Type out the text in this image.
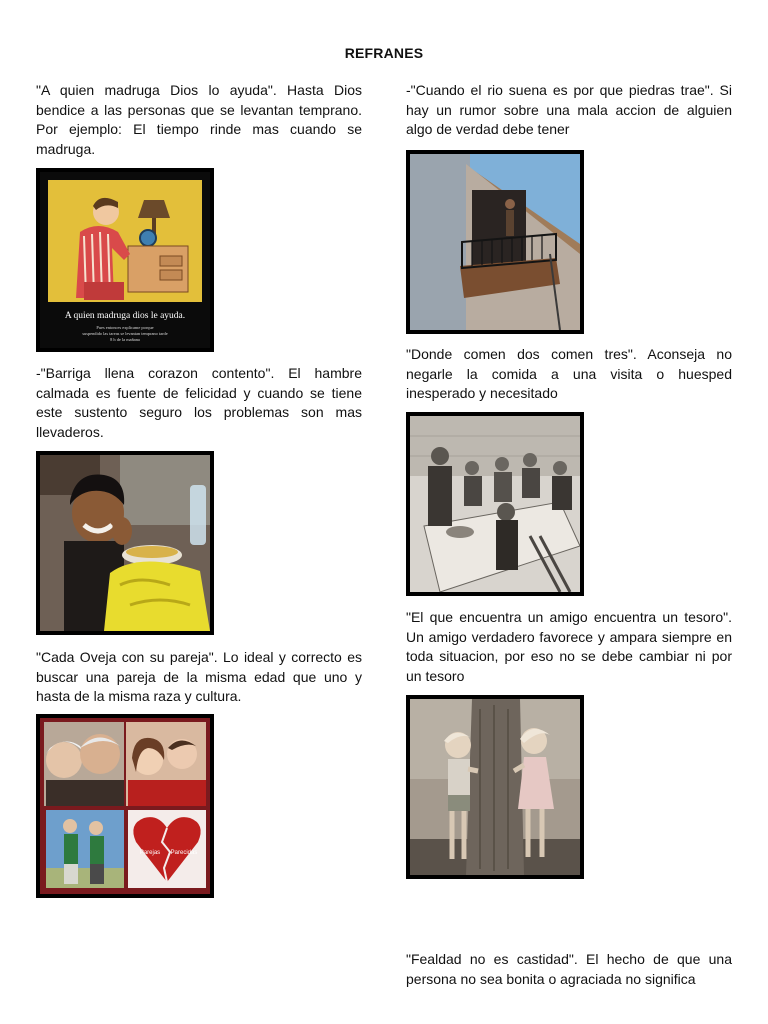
REFRANES

"A quien madruga Dios lo ayuda". Hasta Dios bendice a las personas que se levantan temprano. Por ejemplo: El tiempo rinde mas cuando se madruga.

A quien madruga dios le ayuda.
Pues entonces explicame porque
suspendido las tareas se levantan temprano tarde
8 h de la mañana

-"Barriga llena corazon contento". El hambre calmada es fuente de felicidad y cuando se tiene este sustento seguro los problemas son mas llevaderos.

"Cada Oveja con su pareja". Lo ideal y correcto es buscar una pareja de la misma edad que uno y hasta de la misma raza y cultura.

Parejas Parecidas

-"Cuando el rio suena es por que piedras trae". Si hay un rumor sobre una mala accion de alguien algo de verdad debe tener

"Donde comen dos comen tres". Aconseja no negarle la comida a una visita o huesped inesperado y necesitado

"El que encuentra un amigo encuentra un tesoro". Un amigo verdadero favorece y ampara siempre en toda situacion, por eso no se debe cambiar ni por un tesoro

"Fealdad no es castidad". El hecho de que una persona no sea bonita o agraciada no significa
